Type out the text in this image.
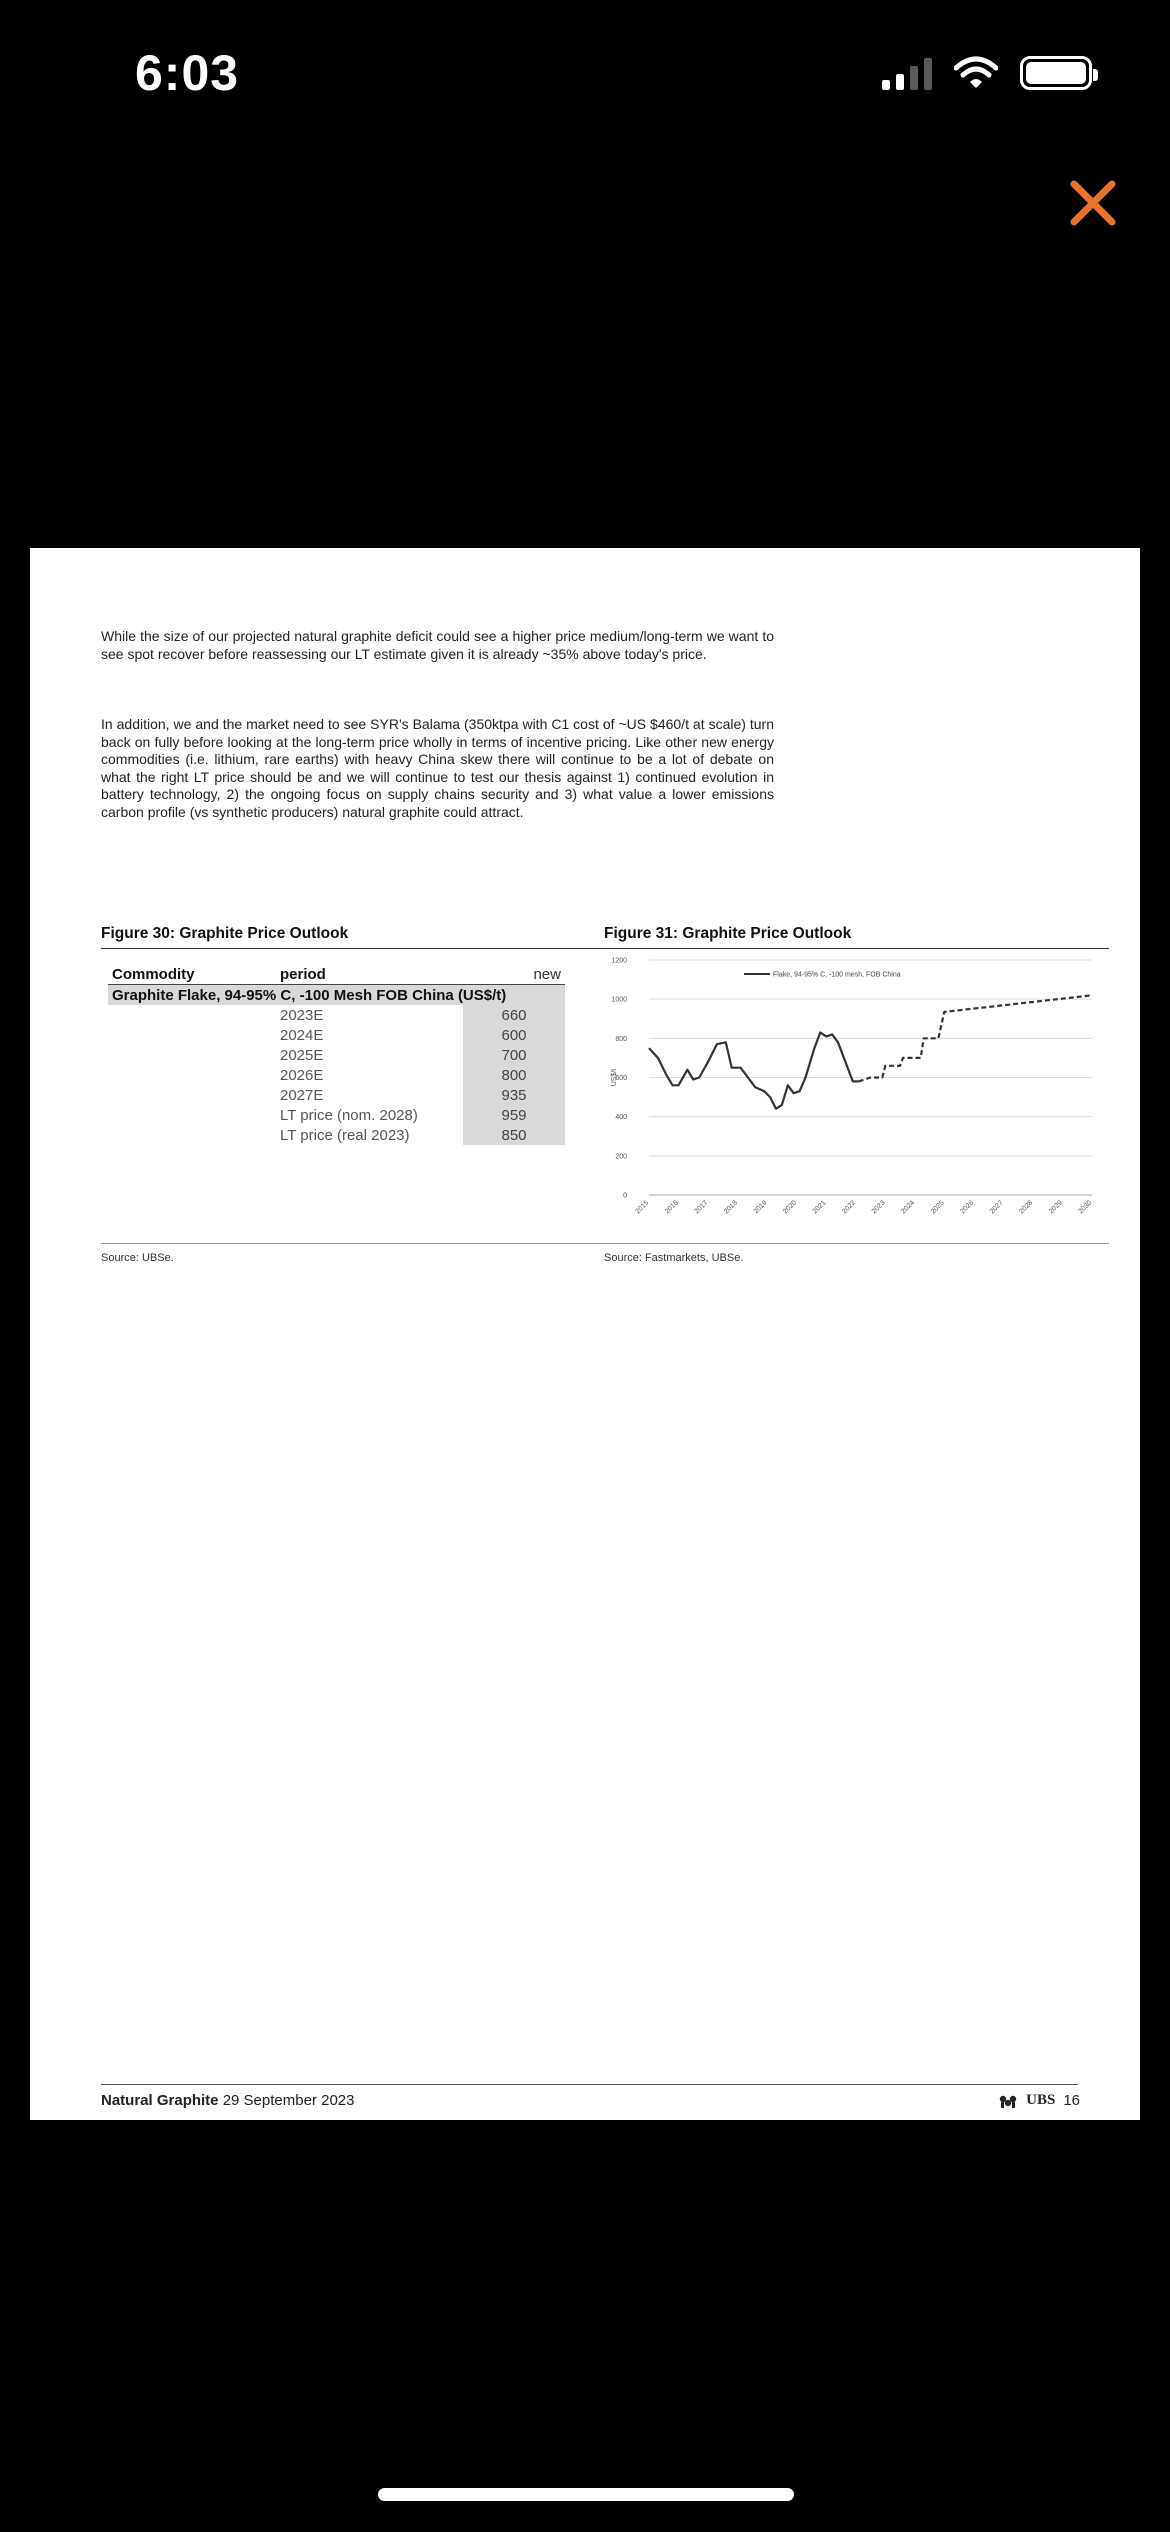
6:03

While the size of our projected natural graphite deficit could see a higher price medium/long-term we want to see spot recover before reassessing our LT estimate given it is already ~35% above today's price.

In addition, we and the market need to see SYR's Balama (350ktpa with C1 cost of ~US $460/t at scale) turn back on fully before looking at the long-term price wholly in terms of incentive pricing. Like other new energy commodities (i.e. lithium, rare earths) with heavy China skew there will continue to be a lot of debate on what the right LT price should be and we will continue to test our thesis against 1) continued evolution in battery technology, 2) the ongoing focus on supply chains security and 3) what value a lower emissions carbon profile (vs synthetic producers) natural graphite could attract.

Figure 30: Graphite Price Outlook
Commodity	period	new
Graphite Flake, 94-95% C, -100 Mesh FOB China (US$/t)		
	2023E	660
	2024E	600
	2025E	700
	2026E	800
	2027E	935
	LT price (nom. 2028)	959
	LT price (real 2023)	850
Source: UBSe.
Figure 31: Graphite Price Outlook
0
200
400
600
800
1000
1200
2015 2016 2017 2018 2019 2020 2021 2022 2023 2024 2025 2026 2027 2028 2029 2030
US$/t
Flake, 94-95% C, -100 mesh, FOB China
Source: Fastmarkets, UBSe.
Natural Graphite 29 September 2023	UBS 16
